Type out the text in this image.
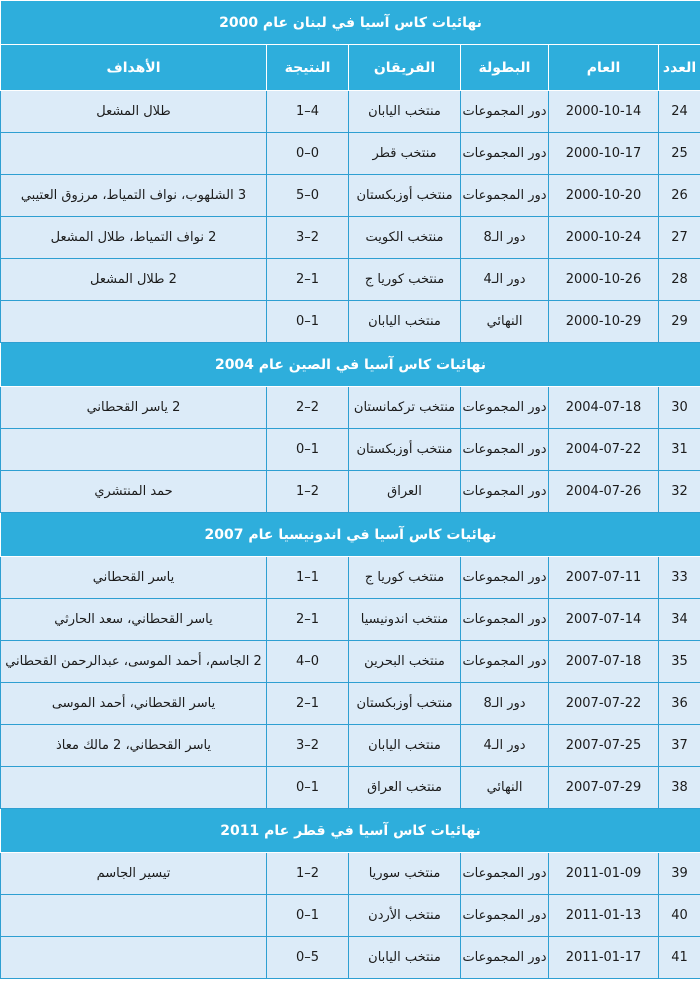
نهائيات كاس آسيا في لبنان عام 2000					
العدد	العام	البطولة	الفريقان	النتيجة	الأهداف
24	2000-10-14	دور المجموعات	منتخب اليابان	1–4	طلال المشعل
25	2000-10-17	دور المجموعات	منتخب قطر	0–0	
26	2000-10-20	دور المجموعات	منتخب أوزبكستان	5–0	3 الشلهوب، نواف التمياط، مرزوق العتيبي
27	2000-10-24	دور الـ8	منتخب الكويت	3–2	2 نواف التمياط، طلال المشعل
28	2000-10-26	دور الـ4	منتخب كوريا ج	2–1	2 طلال المشعل
29	2000-10-29	النهائي	منتخب اليابان	0–1	
نهائيات كاس آسيا في الصين عام 2004					
30	2004-07-18	دور المجموعات	منتخب تركمانستان	2–2	2 ياسر القحطاني
31	2004-07-22	دور المجموعات	منتخب أوزبكستان	0–1	
32	2004-07-26	دور المجموعات	العراق	1–2	حمد المنتشري
نهائيات كاس آسيا في اندونيسيا عام 2007					
33	2007-07-11	دور المجموعات	منتخب كوريا ج	1–1	ياسر القحطاني
34	2007-07-14	دور المجموعات	منتخب اندونيسيا	2–1	ياسر القحطاني، سعد الحارثي
35	2007-07-18	دور المجموعات	منتخب البحرين	4–0	2 الجاسم، أحمد الموسى، عبدالرحمن القحطاني
36	2007-07-22	دور الـ8	منتخب أوزبكستان	2–1	ياسر القحطاني، أحمد الموسى
37	2007-07-25	دور الـ4	منتخب اليابان	3–2	ياسر القحطاني، 2 مالك معاذ
38	2007-07-29	النهائي	منتخب العراق	0–1	
نهائيات كاس آسيا في قطر عام 2011					
39	2011-01-09	دور المجموعات	منتخب سوريا	1–2	تيسير الجاسم
40	2011-01-13	دور المجموعات	منتخب الأردن	0–1	
41	2011-01-17	دور المجموعات	منتخب اليابان	0–5	
